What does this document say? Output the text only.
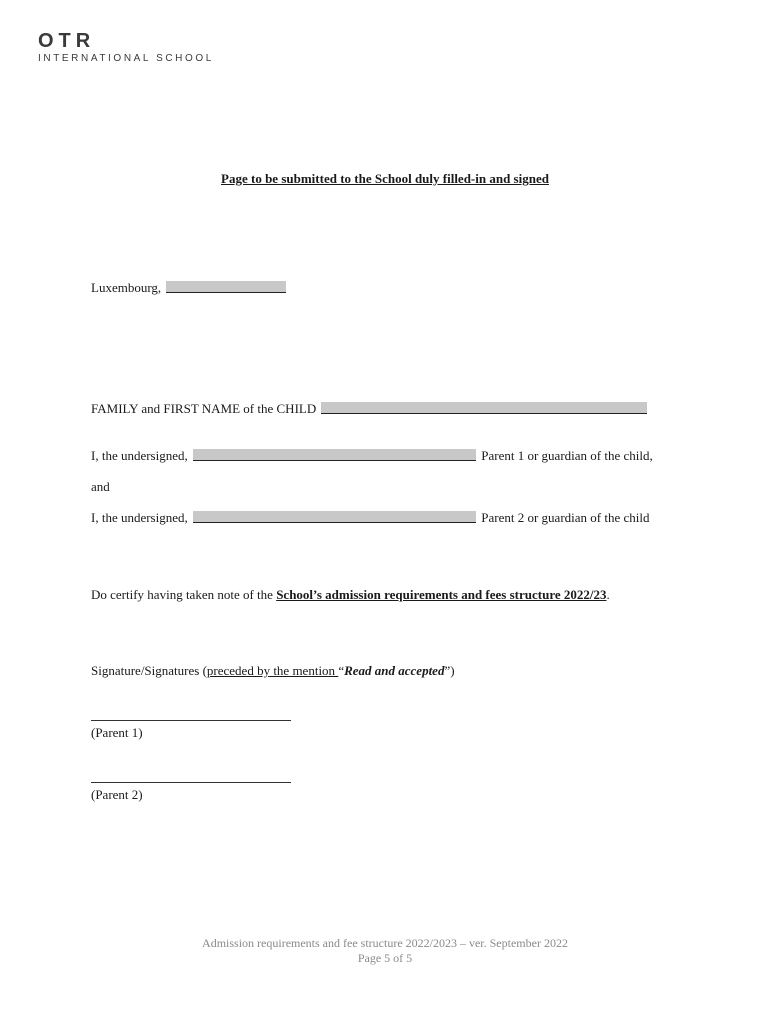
OTR
INTERNATIONAL SCHOOL
Page to be submitted to the School duly filled-in and signed
Luxembourg,
FAMILY and FIRST NAME of the CHILD
I, the undersigned,	Parent 1 or guardian of the child,
and
I, the undersigned,	Parent 2 or guardian of the child
Do certify having taken note of the School’s admission requirements and fees structure 2022/23.
Signature/Signatures (preceded by the mention “Read and accepted”)
(Parent 1)
(Parent 2)
Admission requirements and fee structure 2022/2023 – ver. September 2022
Page 5 of 5
